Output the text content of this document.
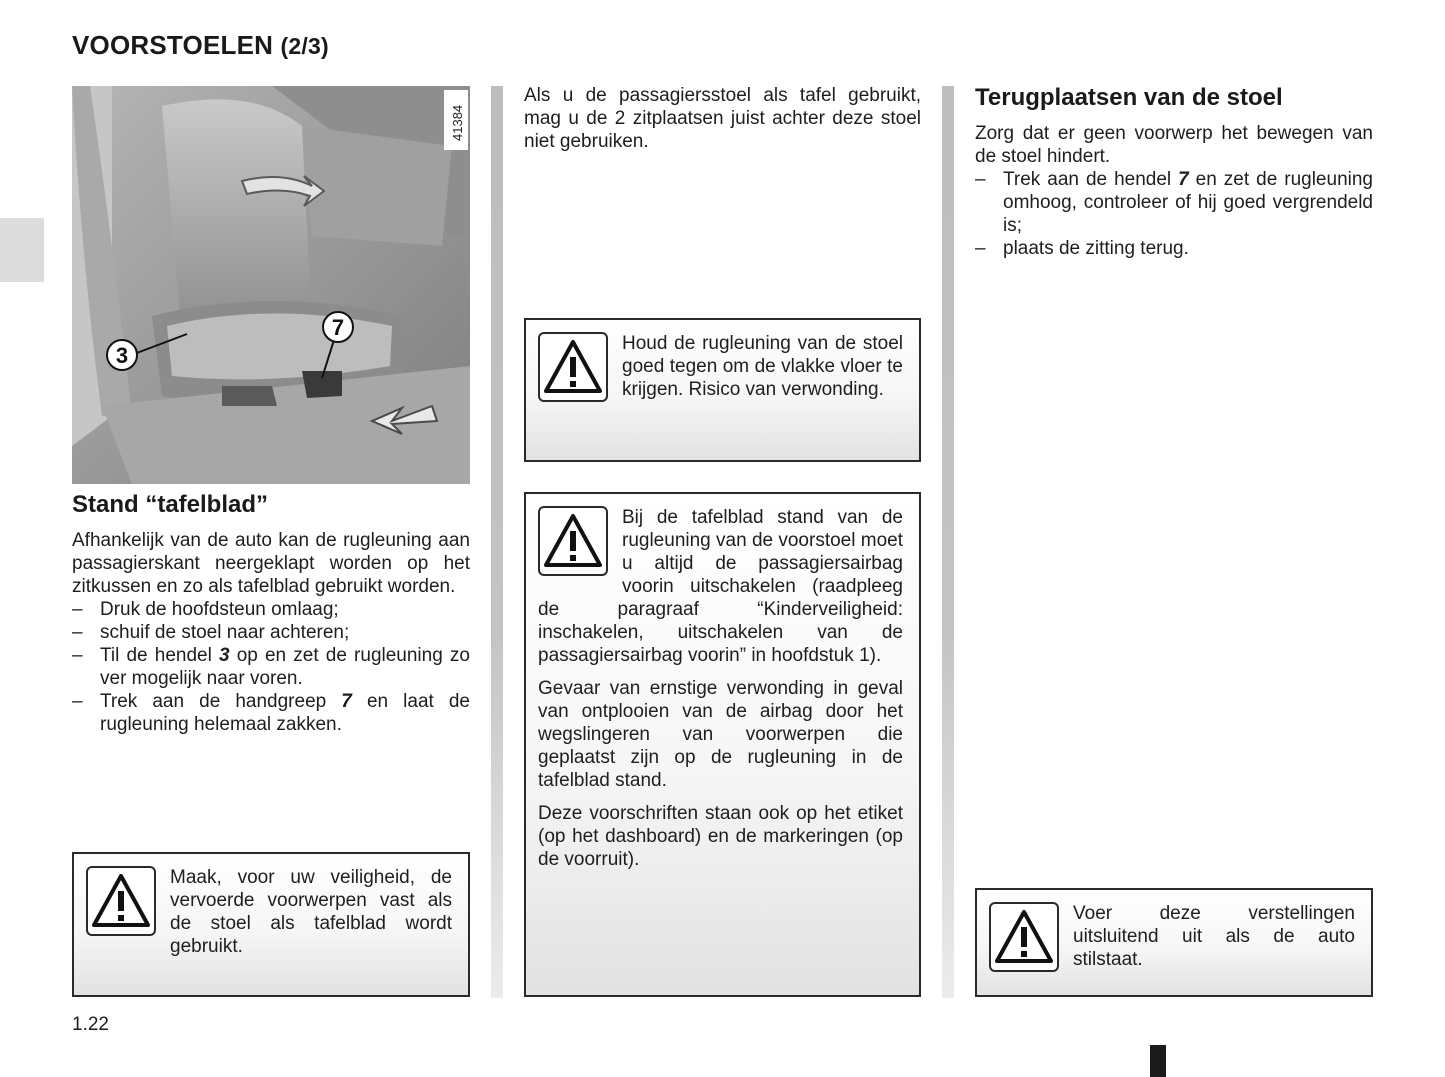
VOORSTOELEN (2/3)
3
7
41384
Stand “tafelblad”

Afhankelijk van de auto kan de rugleuning aan passagierskant neergeklapt worden op het zitkussen en zo als tafelblad gebruikt worden.

– Druk de hoofdsteun omlaag;
– schuif de stoel naar achteren;
– Til de hendel 3 op en zet de rugleuning zo ver mogelijk naar voren.
– Trek aan de handgreep 7 en laat de rugleuning helemaal zakken.

Maak, voor uw veiligheid, de vervoerde voorwerpen vast als de stoel als tafelblad wordt gebruikt.

Als u de passagiersstoel als tafel gebruikt, mag u de 2 zitplaatsen juist achter deze stoel niet gebruiken.

Houd de rugleuning van de stoel goed tegen om de vlakke vloer te krijgen. Risico van verwonding.

Bij de tafelblad stand van de rugleuning van de voorstoel moet u altijd de passagiersairbag voorin uitschakelen (raadpleeg de paragraaf “Kinderveiligheid: inschakelen, uitschakelen van de passagiersairbag voorin” in hoofdstuk 1).

Gevaar van ernstige verwonding in geval van ontplooien van de airbag door het wegslingeren van voorwerpen die geplaatst zijn op de rugleuning in de tafelblad stand.

Deze voorschriften staan ook op het etiket (op het dashboard) en de markeringen (op de voorruit).

Terugplaatsen van de stoel

Zorg dat er geen voorwerp het bewegen van de stoel hindert.

– Trek aan de hendel 7 en zet de rugleuning omhoog, controleer of hij goed vergrendeld is;
– plaats de zitting terug.

Voer deze verstellingen uitsluitend uit als de auto stilstaat.

1.22
